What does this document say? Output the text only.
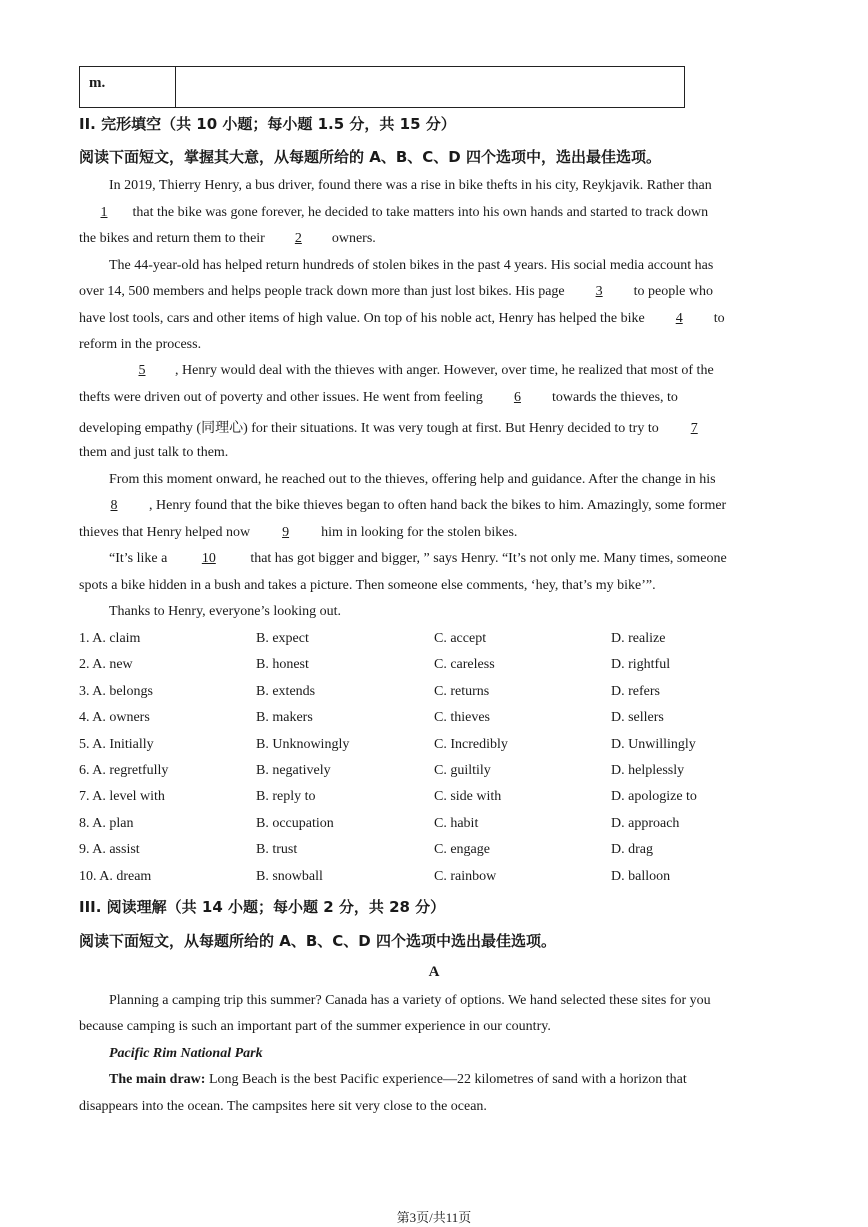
m.
II. 完形填空（共 10 小题；每小题 1.5 分，共 15 分）
阅读下面短文，掌握其大意，从每题所给的 A、B、C、D 四个选项中，选出最佳选项。
In 2019, Thierry Henry, a bus driver, found there was a rise in bike thefts in his city, Reykjavik. Rather than
1 that the bike was gone forever, he decided to take matters into his own hands and started to track down
the bikes and return them to their 2 owners.
The 44-year-old has helped return hundreds of stolen bikes in the past 4 years. His social media account has
over 14, 500 members and helps people track down more than just lost bikes. His page 3 to people who
have lost tools, cars and other items of high value. On top of his noble act, Henry has helped the bike 4 to
reform in the process.
5 , Henry would deal with the thieves with anger. However, over time, he realized that most of the
thefts were driven out of poverty and other issues. He went from feeling 6 towards the thieves, to
developing empathy (同理心) for their situations. It was very tough at first. But Henry decided to try to 7
them and just talk to them.
From this moment onward, he reached out to the thieves, offering help and guidance. After the change in his
8 , Henry found that the bike thieves began to often hand back the bikes to him. Amazingly, some former
thieves that Henry helped now 9 him in looking for the stolen bikes.
“It’s like a 10 that has got bigger and bigger, ” says Henry. “It’s not only me. Many times, someone
spots a bike hidden in a bush and takes a picture. Then someone else comments, ‘hey, that’s my bike’”.
Thanks to Henry, everyone’s looking out.
1. A. claim	B. expect	C. accept	D. realize
2. A. new	B. honest	C. careless	D. rightful
3. A. belongs	B. extends	C. returns	D. refers
4. A. owners	B. makers	C. thieves	D. sellers
5. A. Initially	B. Unknowingly	C. Incredibly	D. Unwillingly
6. A. regretfully	B. negatively	C. guiltily	D. helplessly
7. A. level with	B. reply to	C. side with	D. apologize to
8. A. plan	B. occupation	C. habit	D. approach
9. A. assist	B. trust	C. engage	D. drag
10. A. dream	B. snowball	C. rainbow	D. balloon
III. 阅读理解（共 14 小题；每小题 2 分，共 28 分）
阅读下面短文，从每题所给的 A、B、C、D 四个选项中选出最佳选项。
A
Planning a camping trip this summer? Canada has a variety of options. We hand selected these sites for you
because camping is such an important part of the summer experience in our country.
Pacific Rim National Park
The main draw: Long Beach is the best Pacific experience—22 kilometres of sand with a horizon that
disappears into the ocean. The campsites here sit very close to the ocean.
第3页/共11页
